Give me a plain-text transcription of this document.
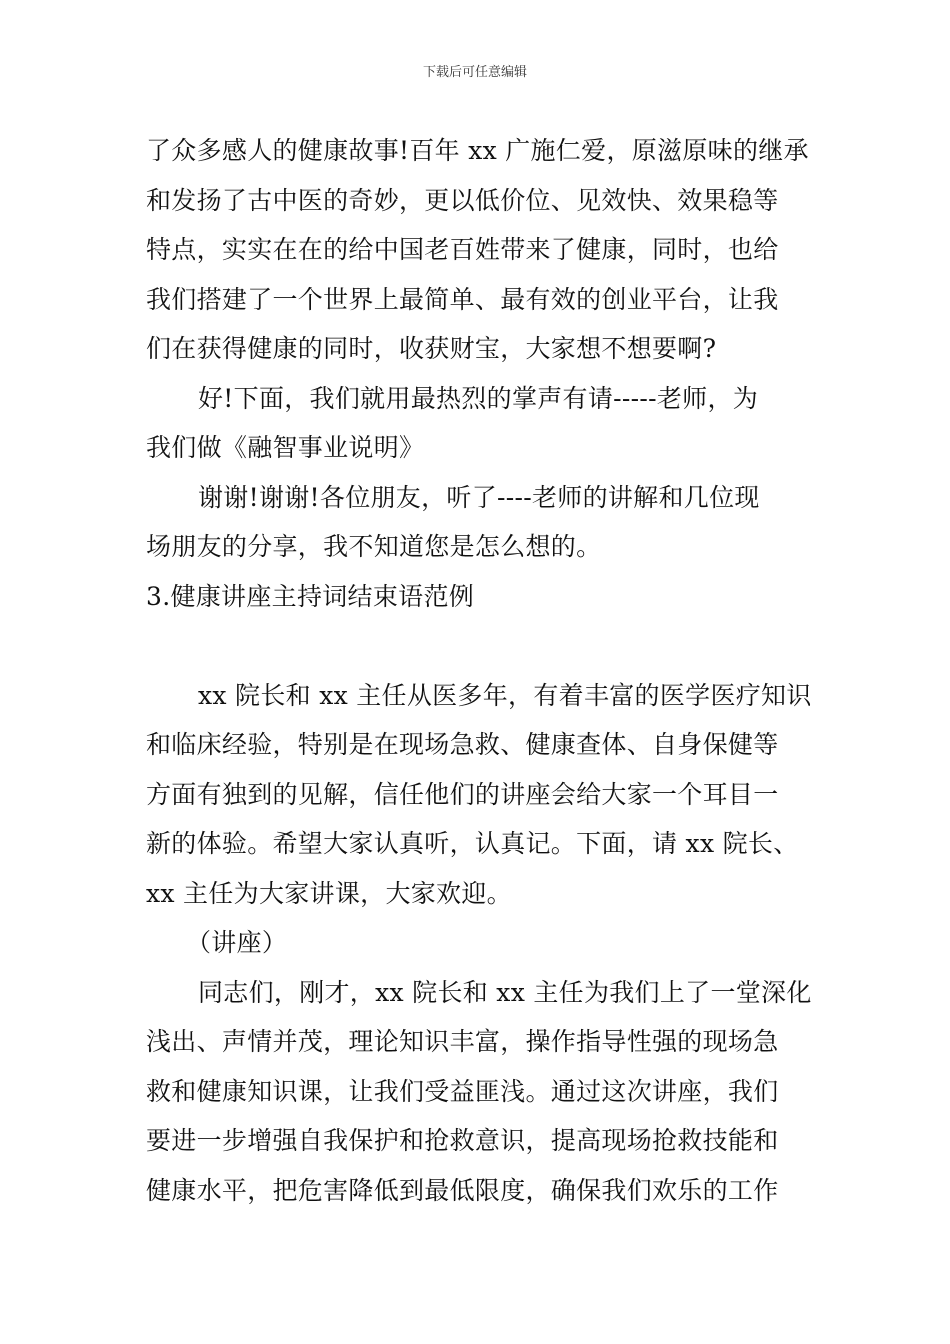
下载后可任意编辑
了众多感人的健康故事!百年 xx 广施仁爱，原滋原味的继承
和发扬了古中医的奇妙，更以低价位、见效快、效果稳等
特点，实实在在的给中国老百姓带来了健康，同时，也给
我们搭建了一个世界上最简单、最有效的创业平台，让我
们在获得健康的同时，收获财宝，大家想不想要啊?
好!下面，我们就用最热烈的掌声有请-----老师，为
我们做《融智事业说明》
谢谢!谢谢!各位朋友，听了----老师的讲解和几位现
场朋友的分享，我不知道您是怎么想的。
3.健康讲座主持词结束语范例
xx 院长和 xx 主任从医多年，有着丰富的医学医疗知识
和临床经验，特别是在现场急救、健康查体、自身保健等
方面有独到的见解，信任他们的讲座会给大家一个耳目一
新的体验。希望大家认真听，认真记。下面，请 xx 院长、
xx 主任为大家讲课，大家欢迎。
（讲座）
同志们，刚才，xx 院长和 xx 主任为我们上了一堂深化
浅出、声情并茂，理论知识丰富，操作指导性强的现场急
救和健康知识课，让我们受益匪浅。通过这次讲座，我们
要进一步增强自我保护和抢救意识，提高现场抢救技能和
健康水平，把危害降低到最低限度，确保我们欢乐的工作
